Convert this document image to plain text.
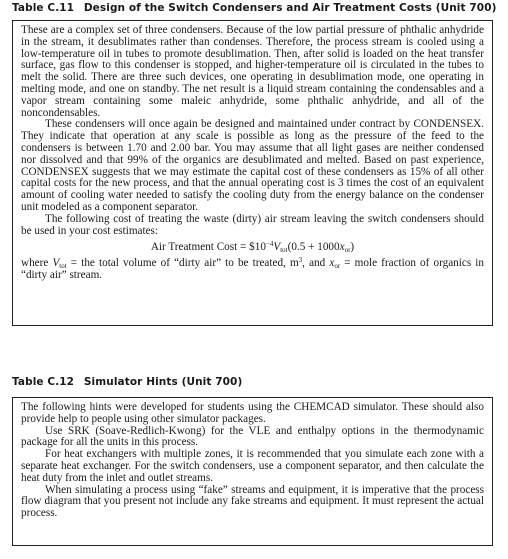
Table C.11 Design of the Switch Condensers and Air Treatment Costs (Unit 700)

These are a complex set of three condensers. Because of the low partial pressure of phthalic anhydride in the stream, it desublimates rather than condenses. Therefore, the process stream is cooled using a low-temperature oil in tubes to promote desublimation. Then, after solid is loaded on the heat transfer surface, gas flow to this condenser is stopped, and higher-temperature oil is circulated in the tubes to melt the solid. There are three such devices, one operating in desublimation mode, one operating in melting mode, and one on standby. The net result is a liquid stream containing the condensables and a vapor stream containing some maleic anhydride, some phthalic anhydride, and all of the noncondensables.

These condensers will once again be designed and maintained under contract by CONDENSEX. They indicate that operation at any scale is possible as long as the pressure of the feed to the condensers is between 1.70 and 2.00 bar. You may assume that all light gases are neither condensed nor dissolved and that 99% of the organics are desublimated and melted. Based on past experience, CONDENSEX suggests that we may estimate the capital cost of these condensers as 15% of all other capital costs for the new process, and that the annual operating cost is 3 times the cost of an equivalent amount of cooling water needed to satisfy the cooling duty from the energy balance on the condenser unit modeled as a component separator.

The following cost of treating the waste (dirty) air stream leaving the switch condensers should be used in your cost estimates:

Air Treatment Cost = $\$10^{-4}V_{tot}(0.5 + 1000x_{or})$

where $V_{tot}$ = the total volume of “dirty air” to be treated, $m^3$, and $x_{or}$ = mole fraction of organics in “dirty air” stream.

Table C.12 Simulator Hints (Unit 700)

The following hints were developed for students using the CHEMCAD simulator. These should also provide help to people using other simulator packages.

Use SRK (Soave-Redlich-Kwong) for the VLE and enthalpy options in the thermodynamic package for all the units in this process.

For heat exchangers with multiple zones, it is recommended that you simulate each zone with a separate heat exchanger. For the switch condensers, use a component separator, and then calculate the heat duty from the inlet and outlet streams.

When simulating a process using “fake” streams and equipment, it is imperative that the process flow diagram that you present not include any fake streams and equipment. It must represent the actual process.
